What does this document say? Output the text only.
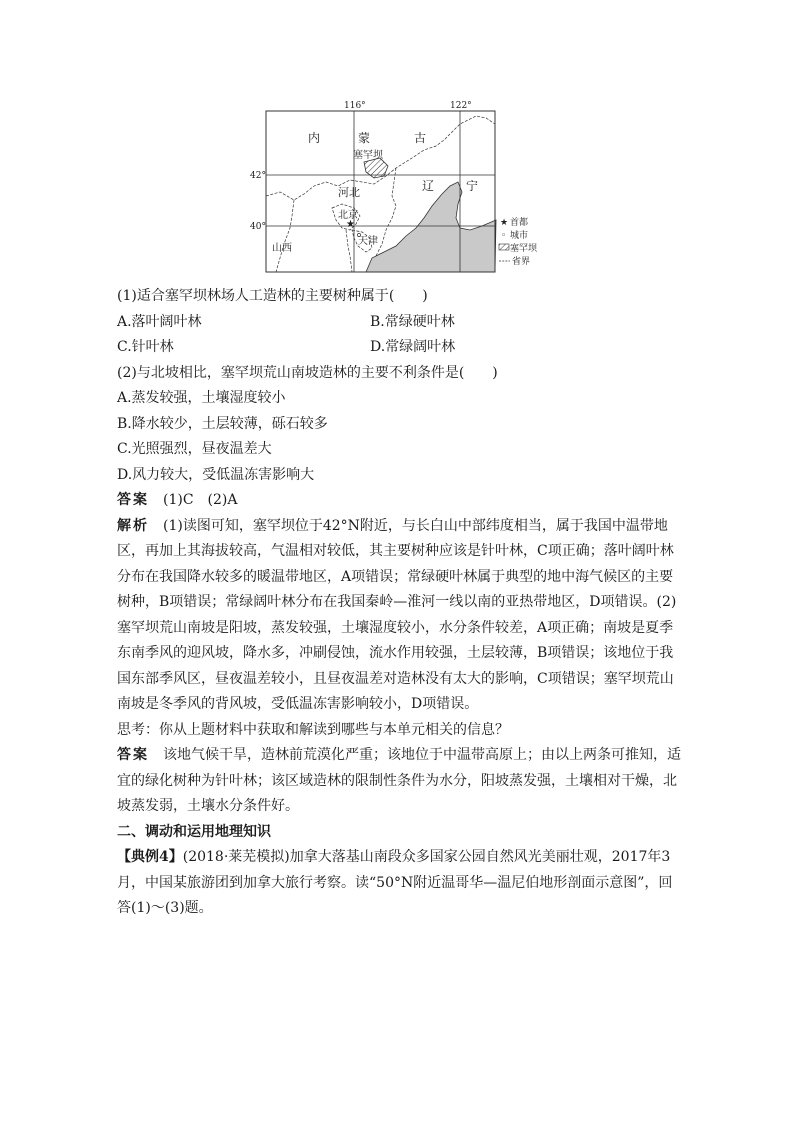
116°	122°
42°
40°
内	蒙	古
塞罕坝
辽	宁
河北
北京
★
山西
天津
★ 首都
◦ 城市
塞罕坝
省界

(1)适合塞罕坝林场人工造林的主要树种属于(　　)

A.落叶阔叶林	B.常绿硬叶林
C.针叶林	D.常绿阔叶林

(2)与北坡相比，塞罕坝荒山南坡造林的主要不利条件是(　　)

A.蒸发较强，土壤湿度较小

B.降水较少，土层较薄，砾石较多

C.光照强烈，昼夜温差大

D.风力较大，受低温冻害影响大

答案　 (1)C　(2)A

解析　 (1)读图可知，塞罕坝位于42°N附近，与长白山中部纬度相当，属于我国中温带地区，再加上其海拔较高，气温相对较低，其主要树种应该是针叶林，C项正确；落叶阔叶林分布在我国降水较多的暖温带地区，A项错误；常绿硬叶林属于典型的地中海气候区的主要树种，B项错误；常绿阔叶林分布在我国秦岭—淮河一线以南的亚热带地区，D项错误。(2)塞罕坝荒山南坡是阳坡，蒸发较强，土壤湿度较小，水分条件较差，A项正确；南坡是夏季东南季风的迎风坡，降水多，冲刷侵蚀，流水作用较强，土层较薄，B项错误；该地位于我国东部季风区，昼夜温差较小，且昼夜温差对造林没有太大的影响，C项错误；塞罕坝荒山南坡是冬季风的背风坡，受低温冻害影响较小，D项错误。

思考：你从上题材料中获取和解读到哪些与本单元相关的信息？

答案　 该地气候干旱，造林前荒漠化严重；该地位于中温带高原上；由以上两条可推知，适宜的绿化树种为针叶林；该区域造林的限制性条件为水分，阳坡蒸发强，土壤相对干燥，北坡蒸发弱，土壤水分条件好。

二、调动和运用地理知识

【典例4】(2018·莱芜模拟)加拿大落基山南段众多国家公园自然风光美丽壮观，2017年3月，中国某旅游团到加拿大旅行考察。读“50°N附近温哥华—温尼伯地形剖面示意图”，回答(1)～(3)题。
